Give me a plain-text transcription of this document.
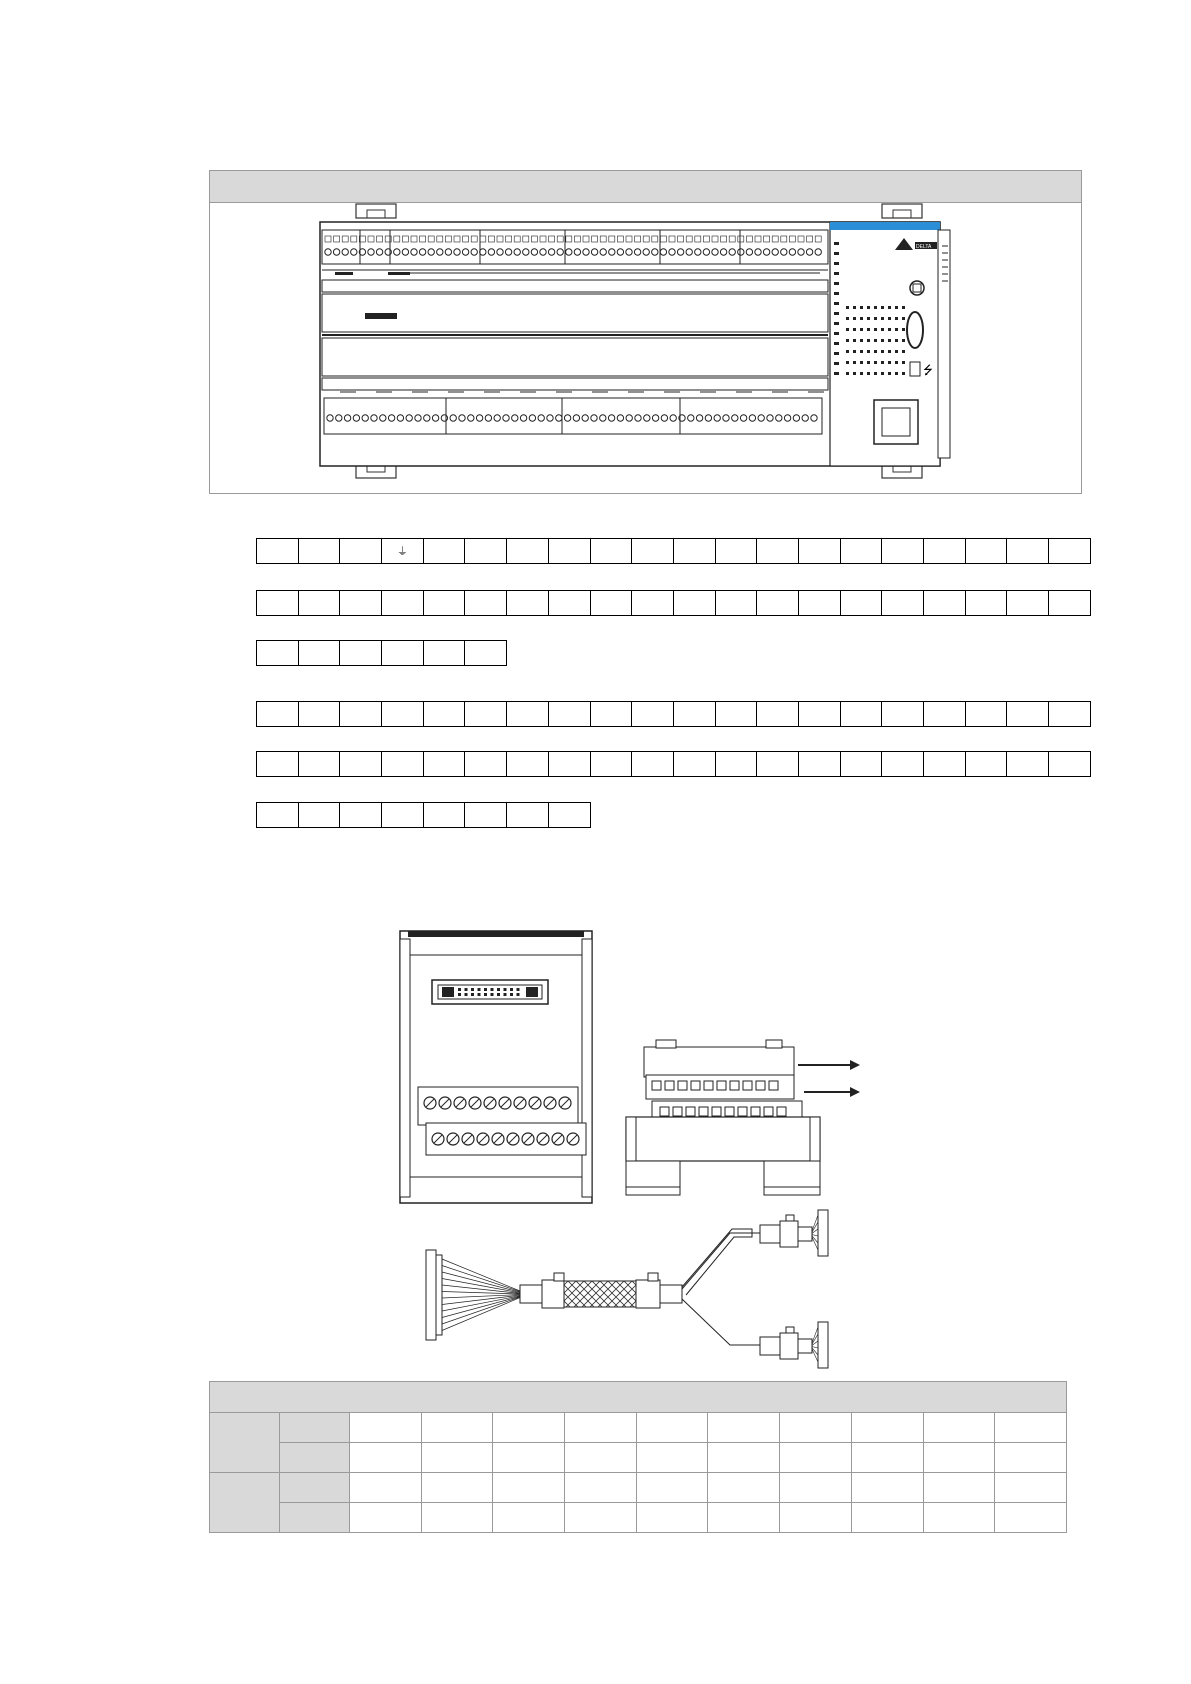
DELTA
⭍
⏚
